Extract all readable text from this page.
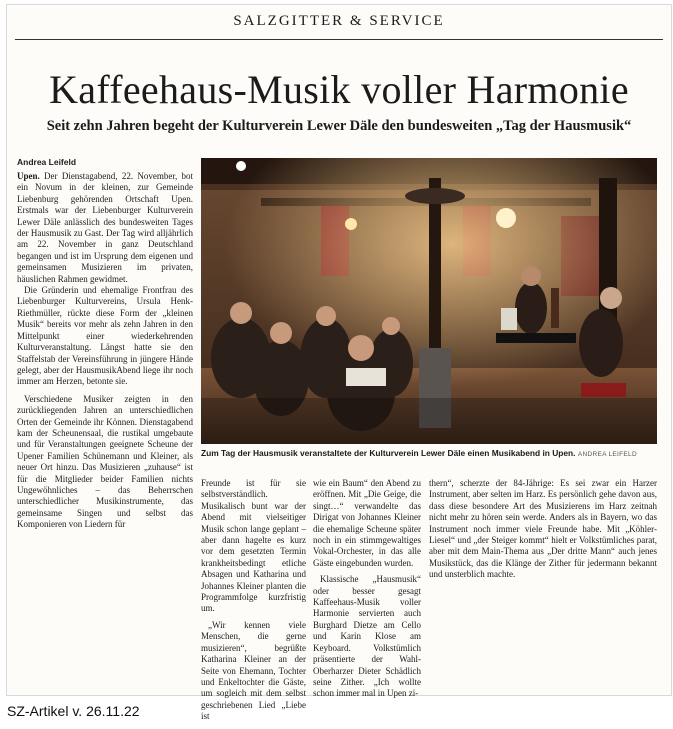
SALZGITTER & SERVICE
Kaffeehaus-Musik voller Harmonie
Seit zehn Jahren begeht der Kulturverein Lewer Däle den bundesweiten „Tag der Hausmusik“
Andrea Leifeld

Upen. Der Dienstagabend, 22. November, bot ein Novum in der kleinen, zur Gemeinde Liebenburg gehörenden Ortschaft Upen. Erstmals war der Liebenburger Kulturverein Lewer Däle anlässlich des bundesweiten Tages der Hausmusik zu Gast. Der Tag wird alljährlich am 22. November in ganz Deutschland begangen und ist im Ursprung dem eigenen und gemeinsamen Musizieren im privaten, häuslichen Rahmen gewidmet.

Die Gründerin und ehemalige Frontfrau des Liebenburger Kulturvereins, Ursula Henk-Riethmüller, rückte diese Form der „kleinen Musik“ bereits vor mehr als zehn Jahren in den Mittelpunkt einer wiederkehrenden Kulturveranstaltung. Längst hatte sie den Staffelstab der Vereinsführung in jüngere Hände gelegt, aber der HausmusikAbend liege ihr noch immer am Herzen, betonte sie.

Verschiedene Musiker zeigten in den zurückliegenden Jahren an unterschiedlichen Orten der Gemeinde ihr Können. Dienstagabend kam der Scheunensaal, die rustikal umgebaute und für Veranstaltungen geeignete Scheune der Upener Familien Schünemann und Kleiner, als neuer Ort hinzu. Das Musizieren „zuhause“ ist für die Mitglieder beider Familien nichts Ungewöhnliches – das Beherrschen unterschiedlicher Musikinstrumente, das gemeinsame Singen und selbst das Komponieren von Liedern für

Zum Tag der Hausmusik veranstaltete der Kulturverein Lewer Däle einen Musikabend in Upen. ANDREA LEIFELD

Freunde ist für sie selbstverständlich. Musikalisch bunt war der Abend mit vielseitiger Musik schon lange geplant – aber dann hagelte es kurz vor dem gesetzten Termin krankheitsbedingt etliche Absagen und Katharina und Johannes Kleiner planten die Programmfolge kurzfristig um.

„Wir kennen viele Menschen, die gerne musizieren“, begrüßte Katharina Kleiner an der Seite von Ehemann, Tochter und Enkeltochter die Gäste, um sogleich mit dem selbst geschriebenen Lied „Liebe ist

wie ein Baum“ den Abend zu eröffnen. Mit „Die Geige, die singt…“ verwandelte das Dirigat von Johannes Kleiner die ehemalige Scheune später noch in ein stimmgewaltiges Vokal-Orchester, in das alle Gäste eingebunden wurden.

Klassische „Hausmusik“ oder besser gesagt Kaffeehaus-Musik voller Harmonie servierten auch Burghard Dietze am Cello und Karin Klose am Keyboard. Volkstümlich präsentierte der Wahl-Oberharzer Dieter Schädlich seine Zither. „Ich wollte schon immer mal in Upen zi-

thern“, scherzte der 84-Jährige: Es sei zwar ein Harzer Instrument, aber selten im Harz. Es persönlich gehe davon aus, dass diese besondere Art des Musizierens im Harz zeitnah nicht mehr zu hören sein werde. Anders als in Bayern, wo das Instrument noch immer viele Freunde habe. Mit „Köhler-Liesel“ und „der Steiger kommt“ hielt er Volkstümliches parat, aber mit dem Main-Thema aus „Der dritte Mann“ auch jenes Musikstück, das die Klänge der Zither für jedermann bekannt und unsterblich machte.

SZ-Artikel v. 26.11.22
